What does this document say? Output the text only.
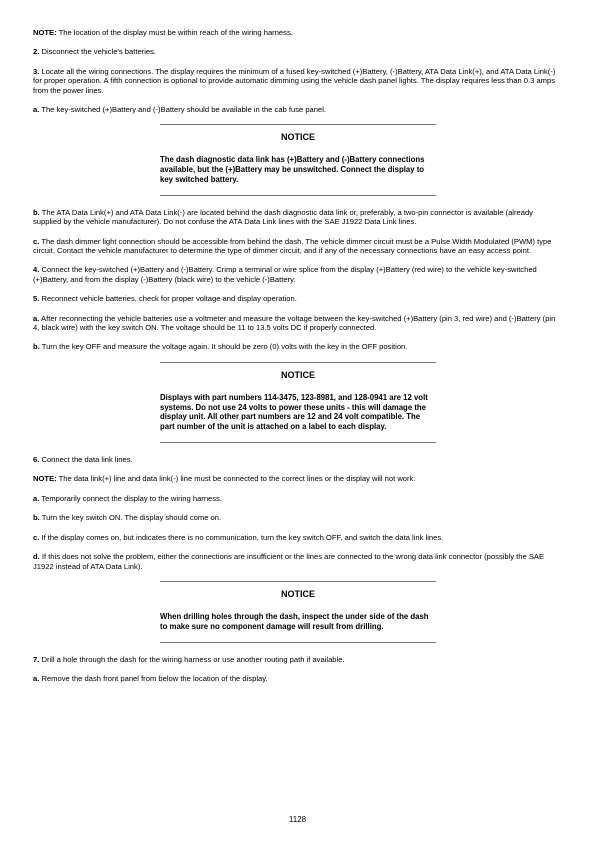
NOTE: The location of the display must be within reach of the wiring harness.

2. Disconnect the vehicle's batteries.

3. Locate all the wiring connections. The display requires the minimum of a fused key-switched (+)Battery, (-)Battery, ATA Data Link(+), and ATA Data Link(-) for proper operation. A fifth connection is optional to provide automatic dimming using the vehicle dash panel lights. The display requires less than 0.3 amps from the power lines.

a. The key-switched (+)Battery and (-)Battery should be available in the cab fuse panel.

NOTICE

The dash diagnostic data link has (+)Battery and (-)Battery connections available, but the (+)Battery may be unswitched. Connect the display to key switched battery.

b. The ATA Data Link(+) and ATA Data Link(-) are located behind the dash diagnostic data link or, preferably, a two-pin connector is available (already supplied by the vehicle manufacturer). Do not confuse the ATA Data Link lines with the SAE J1922 Data Link lines.

c. The dash dimmer light connection should be accessible from behind the dash. The vehicle dimmer circuit must be a Pulse Width Modulated (PWM) type circuit. Contact the vehicle manufacturer to determine the type of dimmer circuit, and if any of the necessary connections have an easy access point.

4. Connect the key-switched (+)Battery and (-)Battery. Crimp a terminal or wire splice from the display (+)Battery (red wire) to the vehicle key-switched (+)Battery, and from the display (-)Battery (black wire) to the vehicle (-)Battery.

5. Reconnect vehicle batteries, check for proper voltage and display operation.

a. After reconnecting the vehicle batteries use a voltmeter and measure the voltage between the key-switched (+)Battery (pin 3, red wire) and (-)Battery (pin 4, black wire) with the key switch ON. The voltage should be 11 to 13.5 volts DC if properly connected.

b. Turn the key OFF and measure the voltage again. It should be zero (0) volts with the key in the OFF position.

NOTICE

Displays with part numbers 114-3475, 123-8981, and 128-0941 are 12 volt systems. Do not use 24 volts to power these units - this will damage the display unit. All other part numbers are 12 and 24 volt compatible. The part number of the unit is attached on a label to each display.

6. Connect the data link lines.

NOTE: The data link(+) line and data link(-) line must be connected to the correct lines or the display will not work.

a. Temporarily connect the display to the wiring harness.

b. Turn the key switch ON. The display should come on.

c. If the display comes on, but indicates there is no communication, turn the key switch OFF, and switch the data link lines.

d. If this does not solve the problem, either the connections are insufficient or the lines are connected to the wrong data link connector (possibly the SAE J1922 instead of ATA Data Link).

NOTICE

When drilling holes through the dash, inspect the under side of the dash to make sure no component damage will result from drilling.

7. Drill a hole through the dash for the wiring harness or use another routing path if available.

a. Remove the dash front panel from below the location of the display.

1128
